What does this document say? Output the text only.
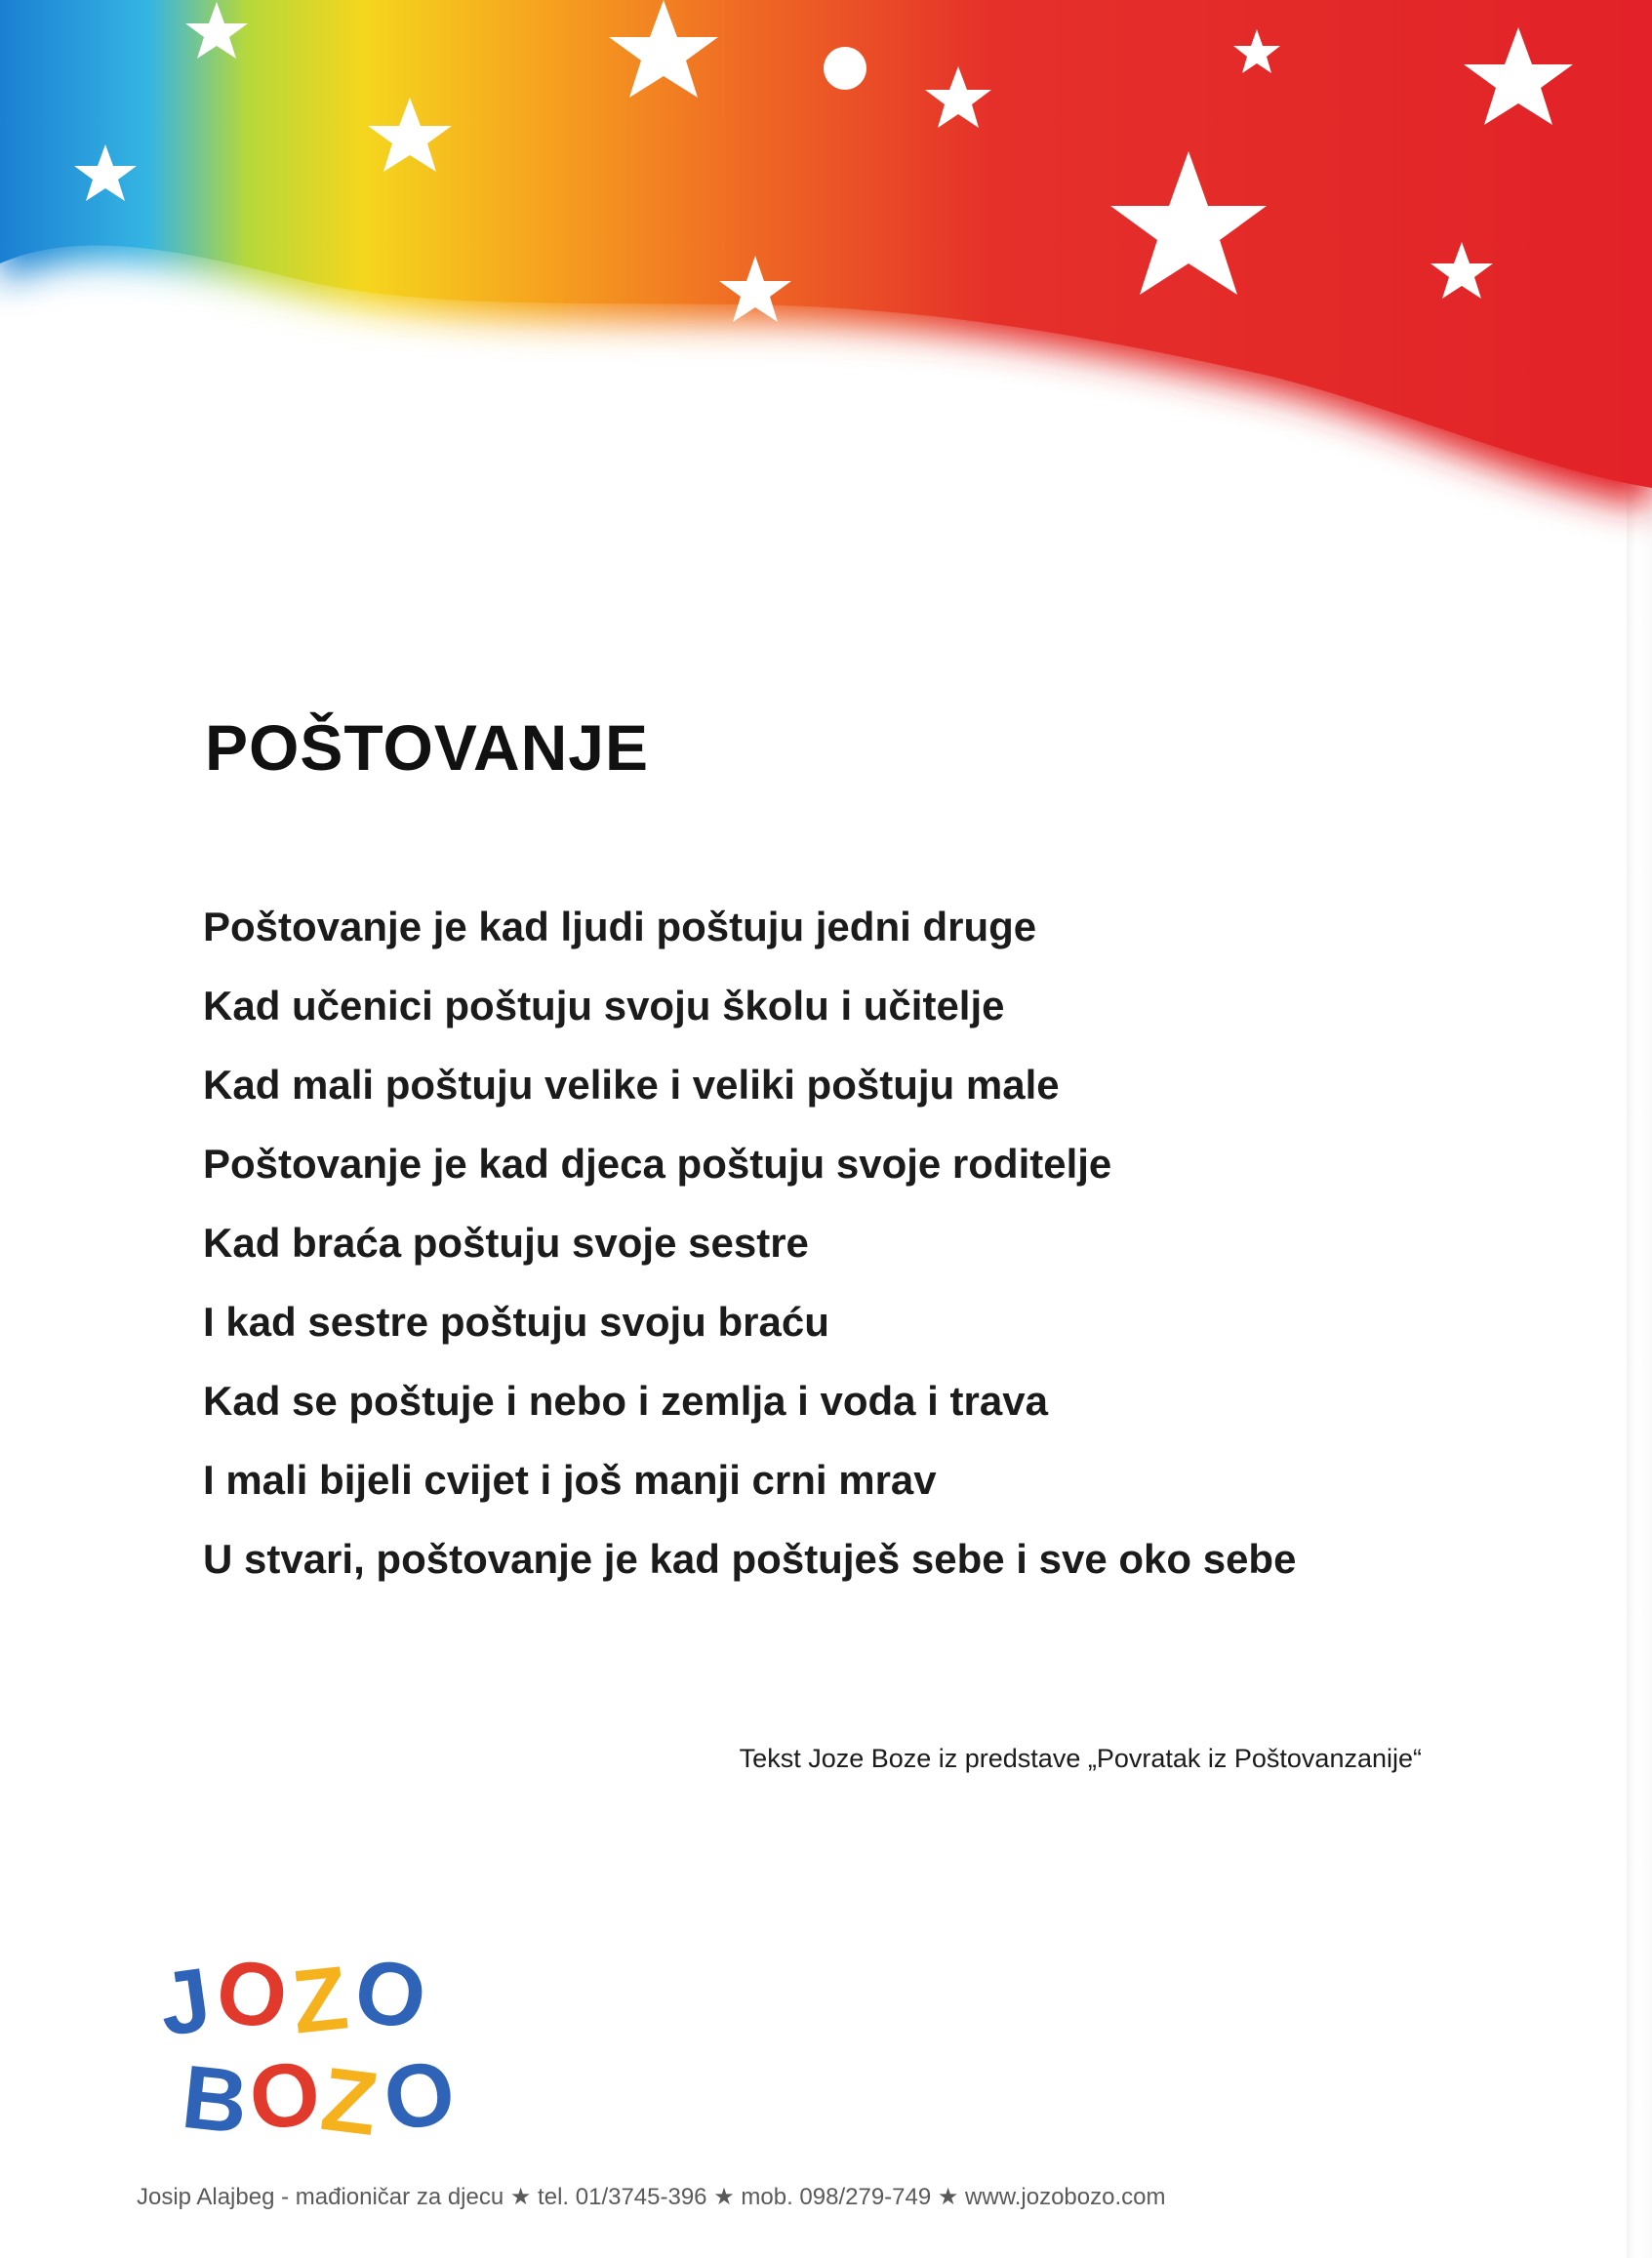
POŠTOVANJE
Poštovanje je kad ljudi poštuju jedni druge
Kad učenici poštuju svoju školu i učitelje
Kad mali poštuju velike i veliki poštuju male
Poštovanje je kad djeca poštuju svoje roditelje
Kad braća poštuju svoje sestre
I kad sestre poštuju svoju braću
Kad se poštuje i nebo i zemlja i voda i trava
I mali bijeli cvijet i još manji crni mrav
U stvari, poštovanje je kad poštuješ sebe i sve oko sebe
Tekst Joze Boze iz predstave „Povratak iz Poštovanzanije“
J
O
Z
O
B
O
Z
O
Josip Alajbeg - mađioničar za djecu ★ tel. 01/3745-396 ★ mob. 098/279-749 ★ www.jozobozo.com
